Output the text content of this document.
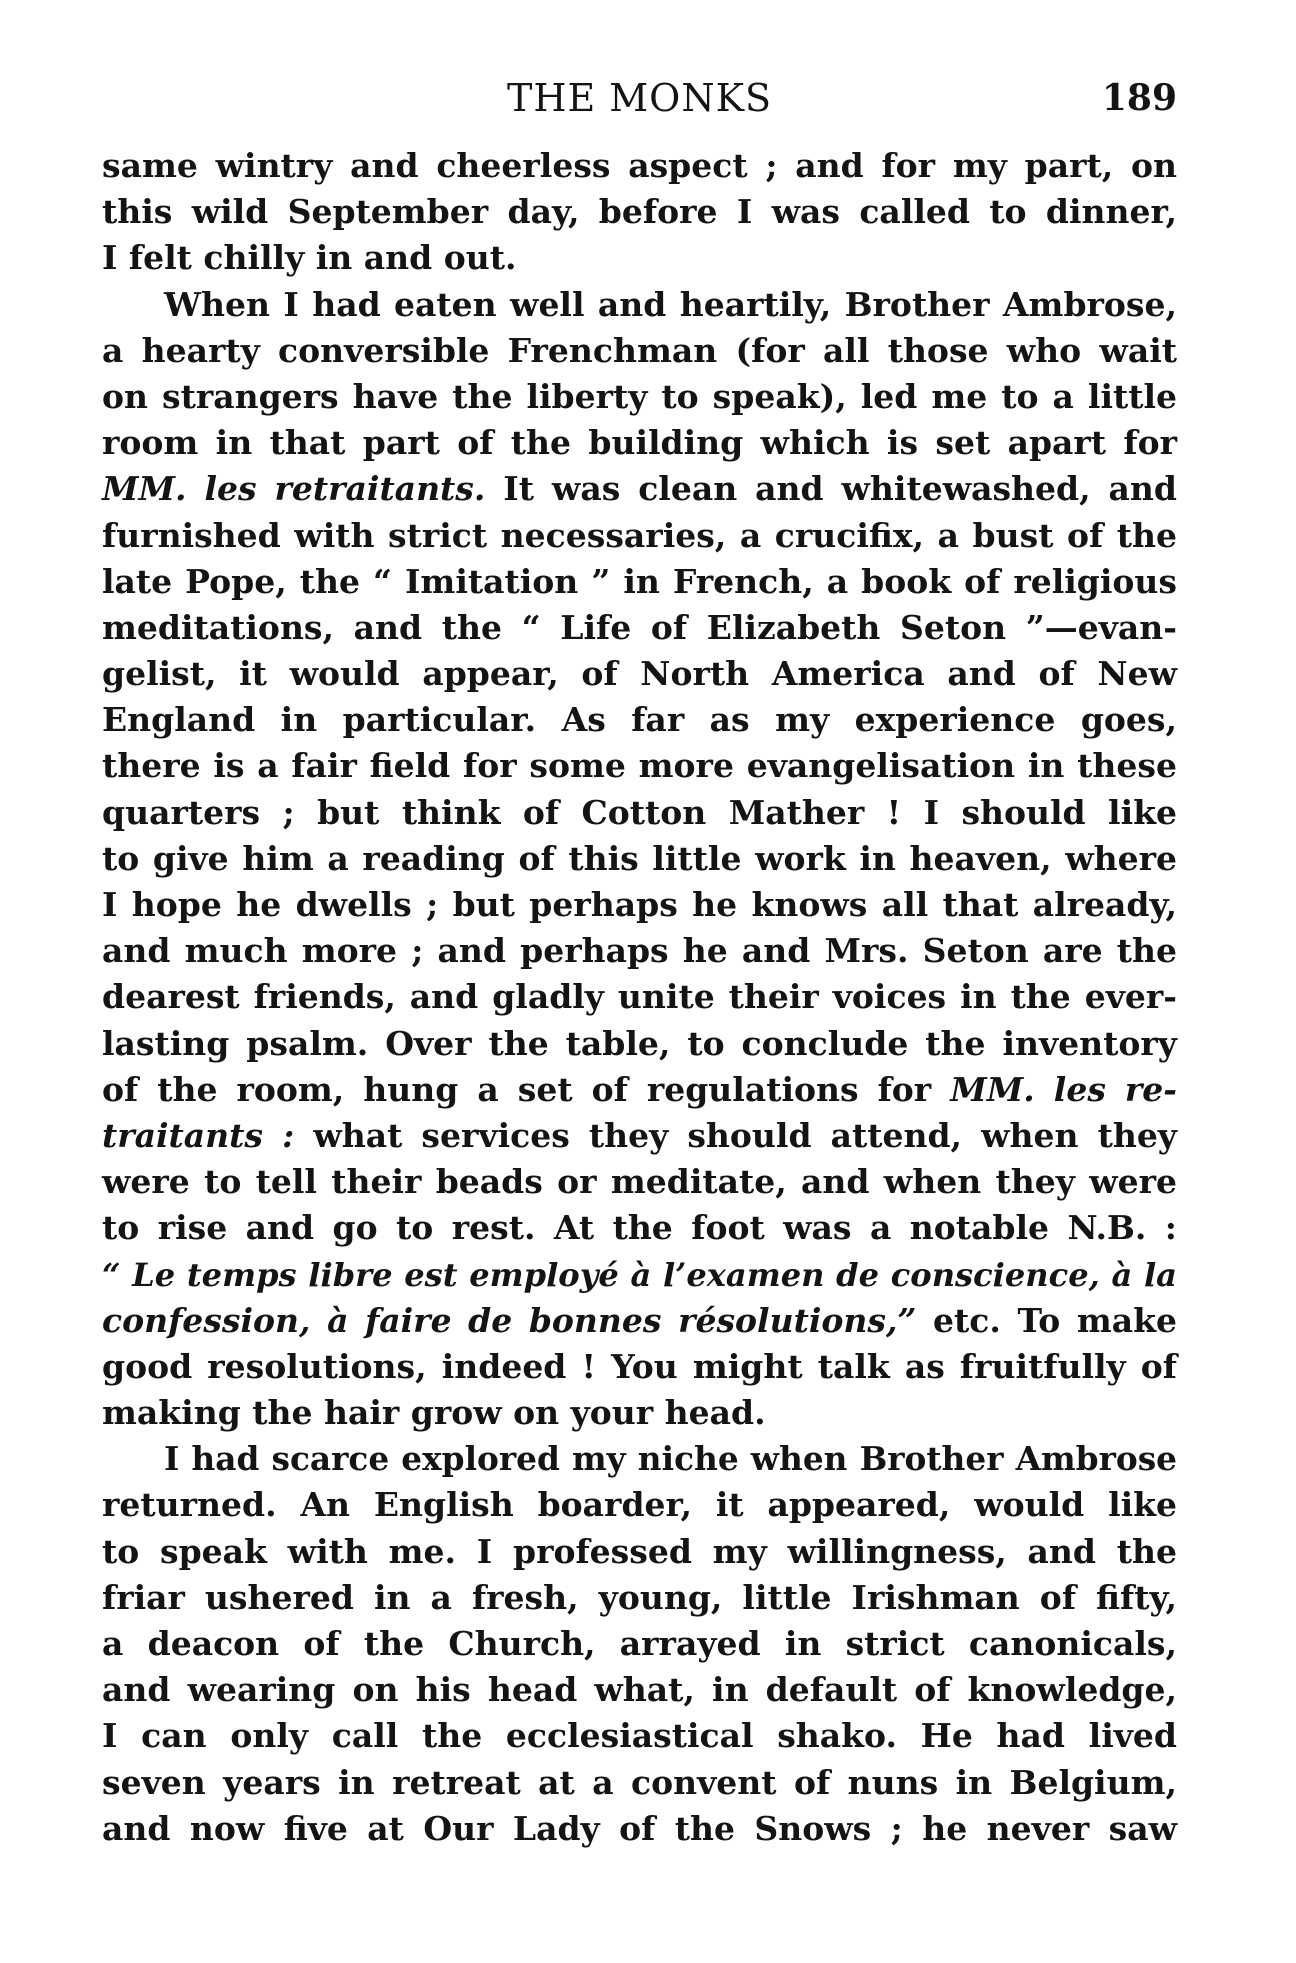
THE MONKS	189
same wintry and cheerless aspect ; and for my part, on
this wild September day, before I was called to dinner,
I felt chilly in and out.
When I had eaten well and heartily, Brother Ambrose,
a hearty conversible Frenchman (for all those who wait
on strangers have the liberty to speak), led me to a little
room in that part of the building which is set apart for
MM. les retraitants. It was clean and whitewashed, and
furnished with strict necessaries, a crucifix, a bust of the
late Pope, the “ Imitation ” in French, a book of religious
meditations, and the “ Life of Elizabeth Seton ”—evan-
gelist, it would appear, of North America and of New
England in particular. As far as my experience goes,
there is a fair field for some more evangelisation in these
quarters ; but think of Cotton Mather ! I should like
to give him a reading of this little work in heaven, where
I hope he dwells ; but perhaps he knows all that already,
and much more ; and perhaps he and Mrs. Seton are the
dearest friends, and gladly unite their voices in the ever-
lasting psalm. Over the table, to conclude the inventory
of the room, hung a set of regulations for MM. les re-
traitants : what services they should attend, when they
were to tell their beads or meditate, and when they were
to rise and go to rest. At the foot was a notable N.B. :
“ Le temps libre est employé à l’examen de conscience, à la
confession, à faire de bonnes résolutions,” etc. To make
good resolutions, indeed ! You might talk as fruitfully of
making the hair grow on your head.
I had scarce explored my niche when Brother Ambrose
returned. An English boarder, it appeared, would like
to speak with me. I professed my willingness, and the
friar ushered in a fresh, young, little Irishman of fifty,
a deacon of the Church, arrayed in strict canonicals,
and wearing on his head what, in default of knowledge,
I can only call the ecclesiastical shako. He had lived
seven years in retreat at a convent of nuns in Belgium,
and now five at Our Lady of the Snows ; he never saw
